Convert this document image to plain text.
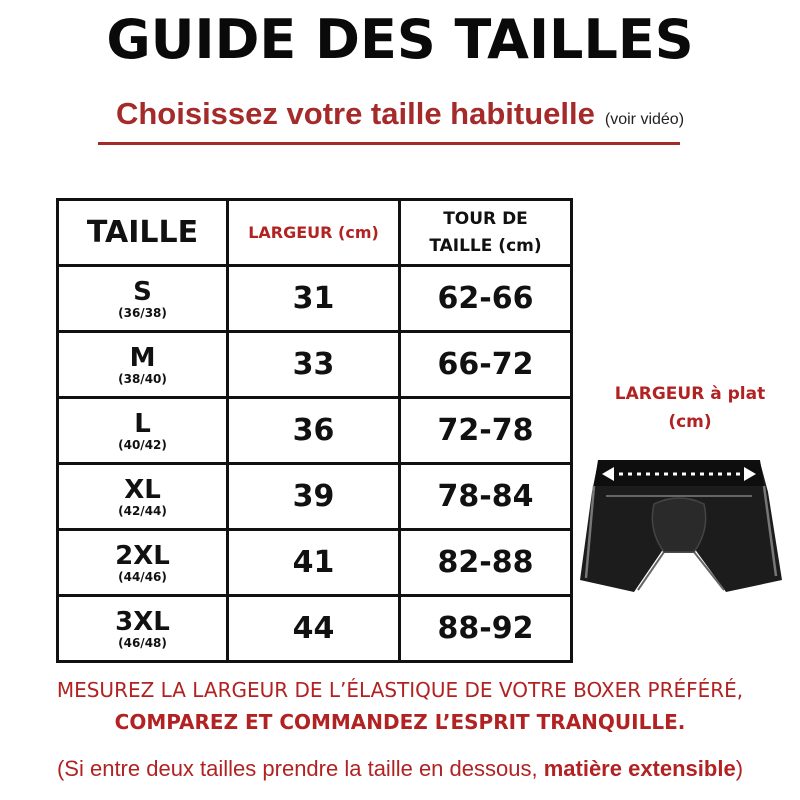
GUIDE DES TAILLES
Choisissez votre taille habituelle (voir vidéo)
TAILLE	LARGEUR (cm)	TOUR DE
TAILLE (cm)

S
(36/38)	31	62-66

M
(38/40)	33	66-72

L
(40/42)	36	72-78

XL
(42/44)	39	78-84

2XL
(44/46)	41	82-88

3XL
(46/48)	44	88-92
LARGEUR à plat
(cm)
MESUREZ LA LARGEUR DE L’ÉLASTIQUE DE VOTRE BOXER PRÉFÉRÉ, COMPAREZ ET COMMANDEZ L’ESPRIT TRANQUILLE.
(Si entre deux tailles prendre la taille en dessous, matière extensible)
